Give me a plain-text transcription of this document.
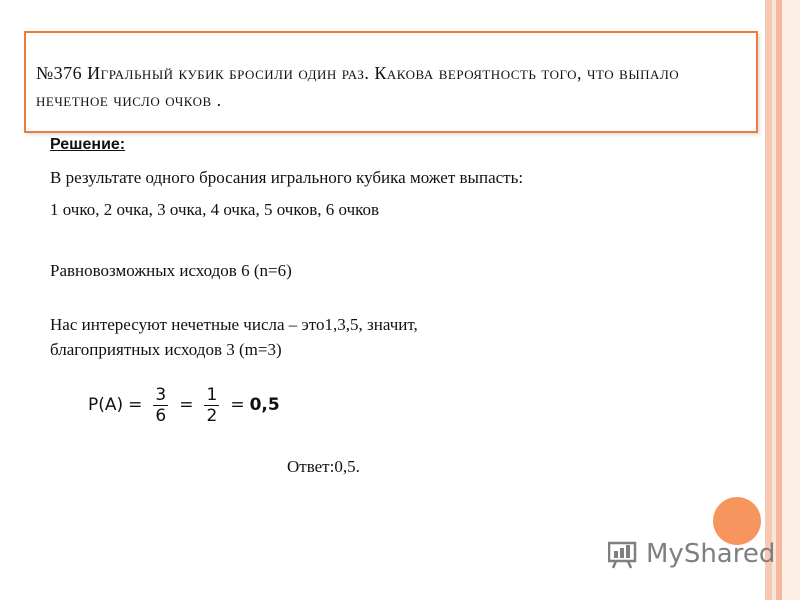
№376 Игральный кубик бросили один раз. Какова вероятность того, что выпало нечетное число очков .
Решение:
В результате одного бросания игрального кубика может выпасть:
1 очко, 2 очка, 3 очка, 4 очка, 5 очков, 6 очков
Равновозможных исходов 6 (n=6)
Нас интересуют нечетные числа – это1,3,5, значит,
благоприятных исходов 3 (m=3)
$P(A) = \frac{3}{6} = \frac{1}{2} = 0,5$
Ответ:0,5.
MyShared
